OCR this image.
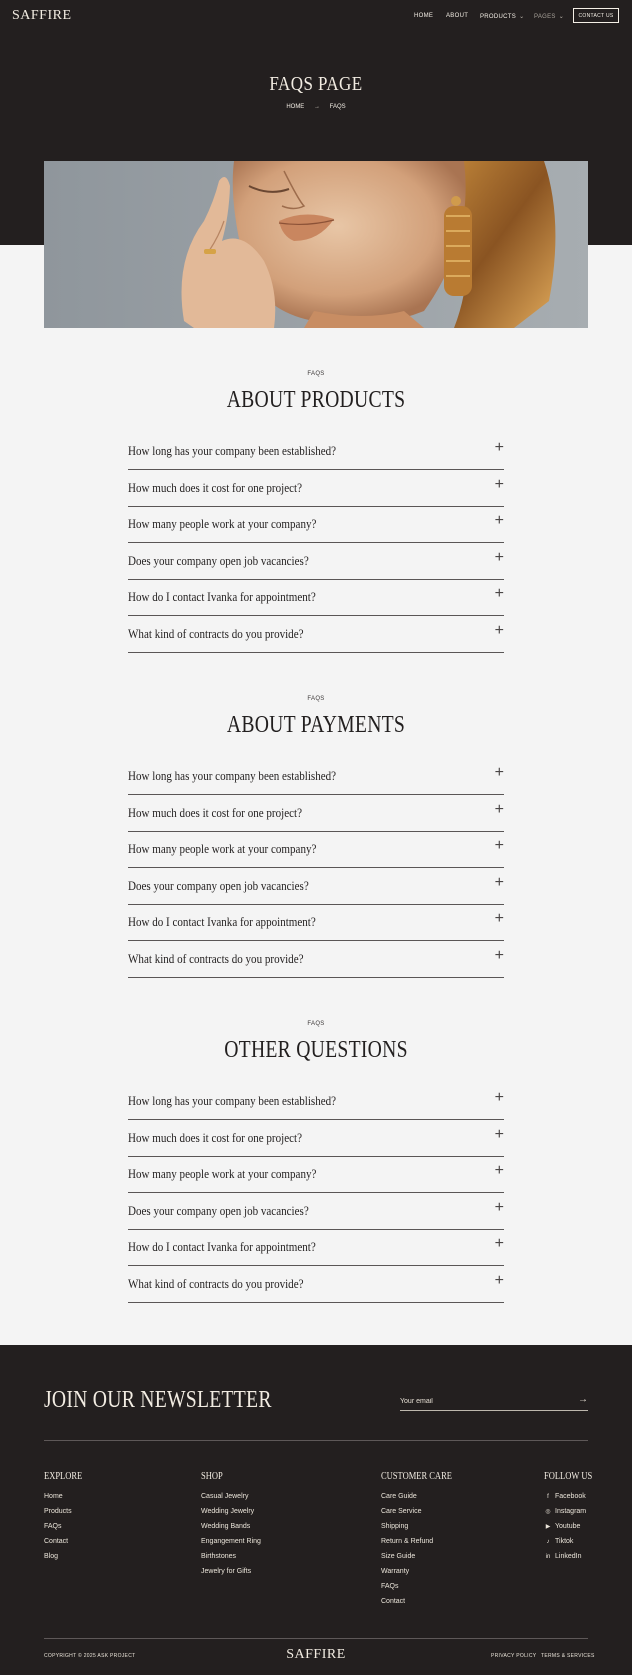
SAFFIRE	HOME ABOUT PRODUCTS ⌄ PAGES ⌄	CONTACT US
FAQS PAGE
HOME → FAQS
FAQS
ABOUT PRODUCTS
How long has your company been established?	+
How much does it cost for one project?	+
How many people work at your company?	+
Does your company open job vacancies?	+
How do I contact Ivanka for appointment?	+
What kind of contracts do you provide?	+
FAQS
ABOUT PAYMENTS
How long has your company been established?	+
How much does it cost for one project?	+
How many people work at your company?	+
Does your company open job vacancies?	+
How do I contact Ivanka for appointment?	+
What kind of contracts do you provide?	+
FAQS
OTHER QUESTIONS
How long has your company been established?	+
How much does it cost for one project?	+
How many people work at your company?	+
Does your company open job vacancies?	+
How do I contact Ivanka for appointment?	+
What kind of contracts do you provide?	+
JOIN OUR NEWSLETTER
Your email	→
EXPLORE
Home
Products
FAQs
Contact
Blog
SHOP
Casual Jewelry
Wedding Jewelry
Wedding Bands
Engangement Ring
Birthstones
Jewelry for Gifts
CUSTOMER CARE
Care Guide
Care Service
Shipping
Return & Refund
Size Guide
Warranty
FAQs
Contact
FOLLOW US
f Facebook
◎ Instagram
▶ Youtube
♪ Tiktok
in LinkedIn
COPYRIGHT © 2025 ASK PROJECT	SAFFIRE	PRIVACY POLICY TERMS & SERVICES
